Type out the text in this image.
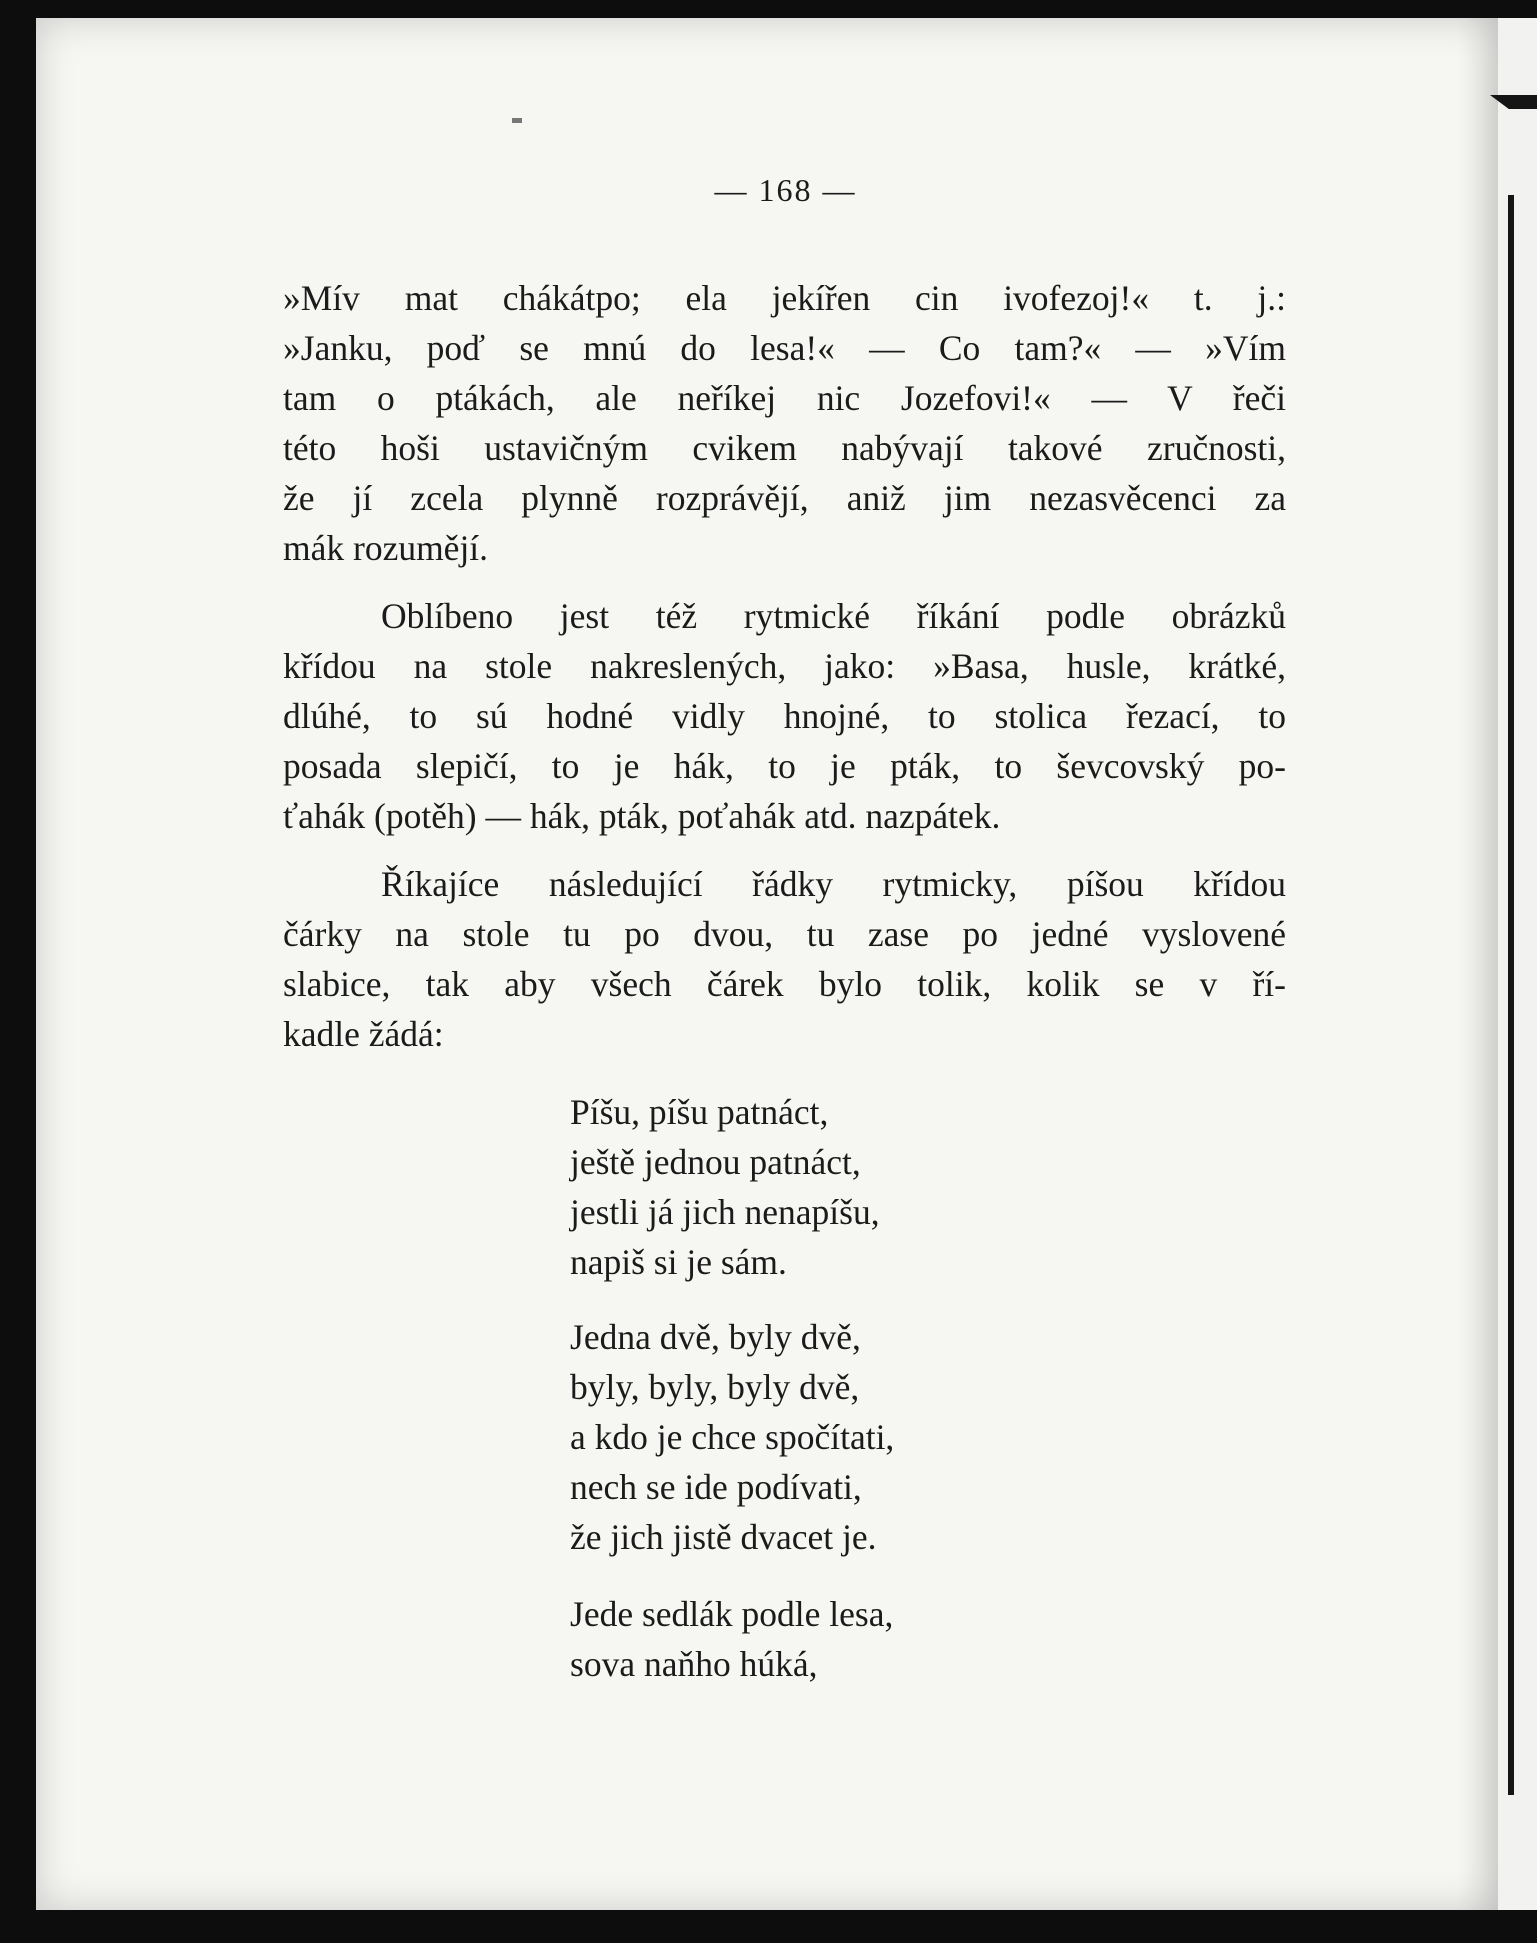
— 168 —

»Mív mat chákátpo; ela jekířen cin ivofezoj!« t. j.:
»Janku, poď se mnú do lesa!« — Co tam?« — »Vím
tam o ptákách, ale neříkej nic Jozefovi!« — V řeči
této hoši ustavičným cvikem nabývají takové zručnosti,
že jí zcela plynně rozprávějí, aniž jim nezasvěcenci za
mák rozumějí.

Oblíbeno jest též rytmické říkání podle obrázků
křídou na stole nakreslených, jako: »Basa, husle, krátké,
dlúhé, to sú hodné vidly hnojné, to stolica řezací, to
posada slepičí, to je hák, to je pták, to ševcovský po-
ťahák (potěh) — hák, pták, poťahák atd. nazpátek.

Říkajíce následující řádky rytmicky, píšou křídou
čárky na stole tu po dvou, tu zase po jedné vyslovené
slabice, tak aby všech čárek bylo tolik, kolik se v ří-
kadle žádá:

Píšu, píšu patnáct,
ještě jednou patnáct,
jestli já jich nenapíšu,
napiš si je sám.
Jedna dvě, byly dvě,
byly, byly, byly dvě,
a kdo je chce spočítati,
nech se ide podívati,
že jich jistě dvacet je.
Jede sedlák podle lesa,
sova naňho húká,
